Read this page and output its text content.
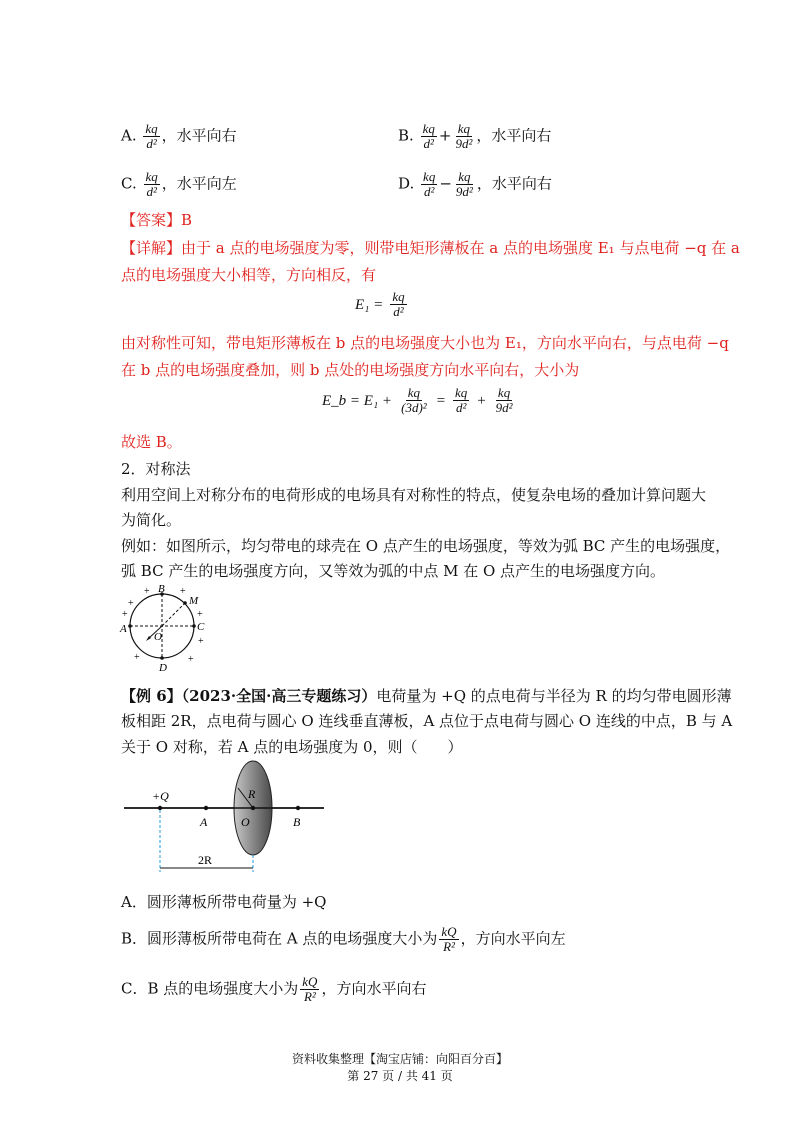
A. $\frac{kq}{\text{d²}}$ ，水平向右	B. $\frac{kq}{\text{d²}} + \frac{kq}{\text{9d²}}$ ，水平向右
C. $\frac{kq}{\text{d²}}$ ，水平向左	D. $\frac{kq}{\text{d²}} - \frac{kq}{\text{9d²}}$ ，水平向右
【答案】B
【详解】由于 a 点的电场强度为零，则带电矩形薄板在 a 点的电场强度 E₁ 与点电荷 −q 在 a
点的电场强度大小相等，方向相反，有
$E_1 = \frac{kq}{\text{d²}}$
由对称性可知，带电矩形薄板在 b 点的电场强度大小也为 E₁，方向水平向右，与点电荷 −q
在 b 点的电场强度叠加，则 b 点处的电场强度方向水平向右，大小为
E_b = $E_1 + \frac{kq}{\text{(3d)²}} = \frac{kq}{\text{d²}} + \frac{kq}{\text{9d²}}$
故选 B。
2．对称法
利用空间上对称分布的电荷形成的电场具有对称性的特点，使复杂电场的叠加计算问题大
为简化。
例如：如图所示，均匀带电的球壳在 O 点产生的电场强度，等效为弧 BC 产生的电场强度，
弧 BC 产生的电场强度方向，又等效为弧的中点 M 在 O 点产生的电场强度方向。
A
B
C
D
M
O
+
+	+
+	+
+
+
+
【例 6】（2023·全国·高三专题练习）电荷量为 +Q 的点电荷与半径为 R 的均匀带电圆形薄
板相距 2R，点电荷与圆心 O 连线垂直薄板，A 点位于点电荷与圆心 O 连线的中点，B 与 A
关于 O 对称，若 A 点的电场强度为 0，则（　　）
+Q
A
R
O	B
2R
A．圆形薄板所带电荷量为 +Q
B．圆形薄板所带电荷在 A 点的电场强度大小为 $\frac{kQ}{\text{R²}}$ ，方向水平向左
C．B 点的电场强度大小为 $\frac{kQ}{\text{R²}}$ ，方向水平向右
资料收集整理【淘宝店铺：向阳百分百】
第 27 页 / 共 41 页
